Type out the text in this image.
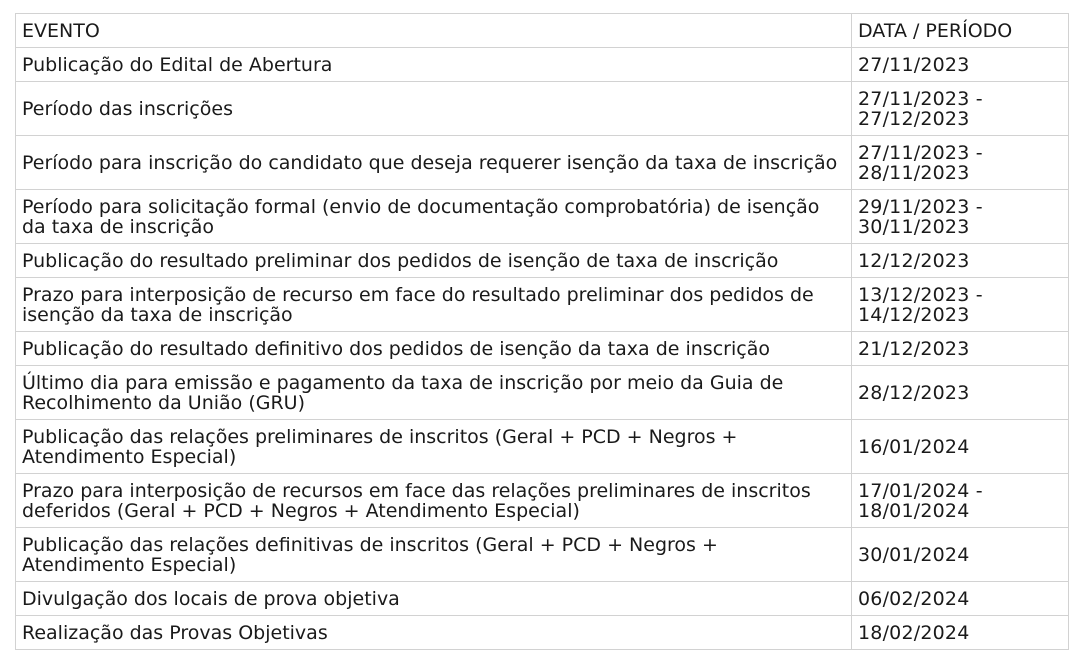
EVENTO	DATA / PERÍODO
Publicação do Edital de Abertura	27/11/2023
Período das inscrições	27/11/2023 -
27/12/2023
Período para inscrição do candidato que deseja requerer isenção da taxa de inscrição	27/11/2023 -
28/11/2023
Período para solicitação formal (envio de documentação comprobatória) de isenção da taxa de inscrição	29/11/2023 -
30/11/2023
Publicação do resultado preliminar dos pedidos de isenção de taxa de inscrição	12/12/2023
Prazo para interposição de recurso em face do resultado preliminar dos pedidos de isenção da taxa de inscrição	13/12/2023 -
14/12/2023
Publicação do resultado definitivo dos pedidos de isenção da taxa de inscrição	21/12/2023
Último dia para emissão e pagamento da taxa de inscrição por meio da Guia de Recolhimento da União (GRU)	28/12/2023
Publicação das relações preliminares de inscritos (Geral + PCD + Negros + Atendimento Especial)	16/01/2024
Prazo para interposição de recursos em face das relações preliminares de inscritos deferidos (Geral + PCD + Negros + Atendimento Especial)	17/01/2024 -
18/01/2024
Publicação das relações definitivas de inscritos (Geral + PCD + Negros + Atendimento Especial)	30/01/2024
Divulgação dos locais de prova objetiva	06/02/2024
Realização das Provas Objetivas	18/02/2024
